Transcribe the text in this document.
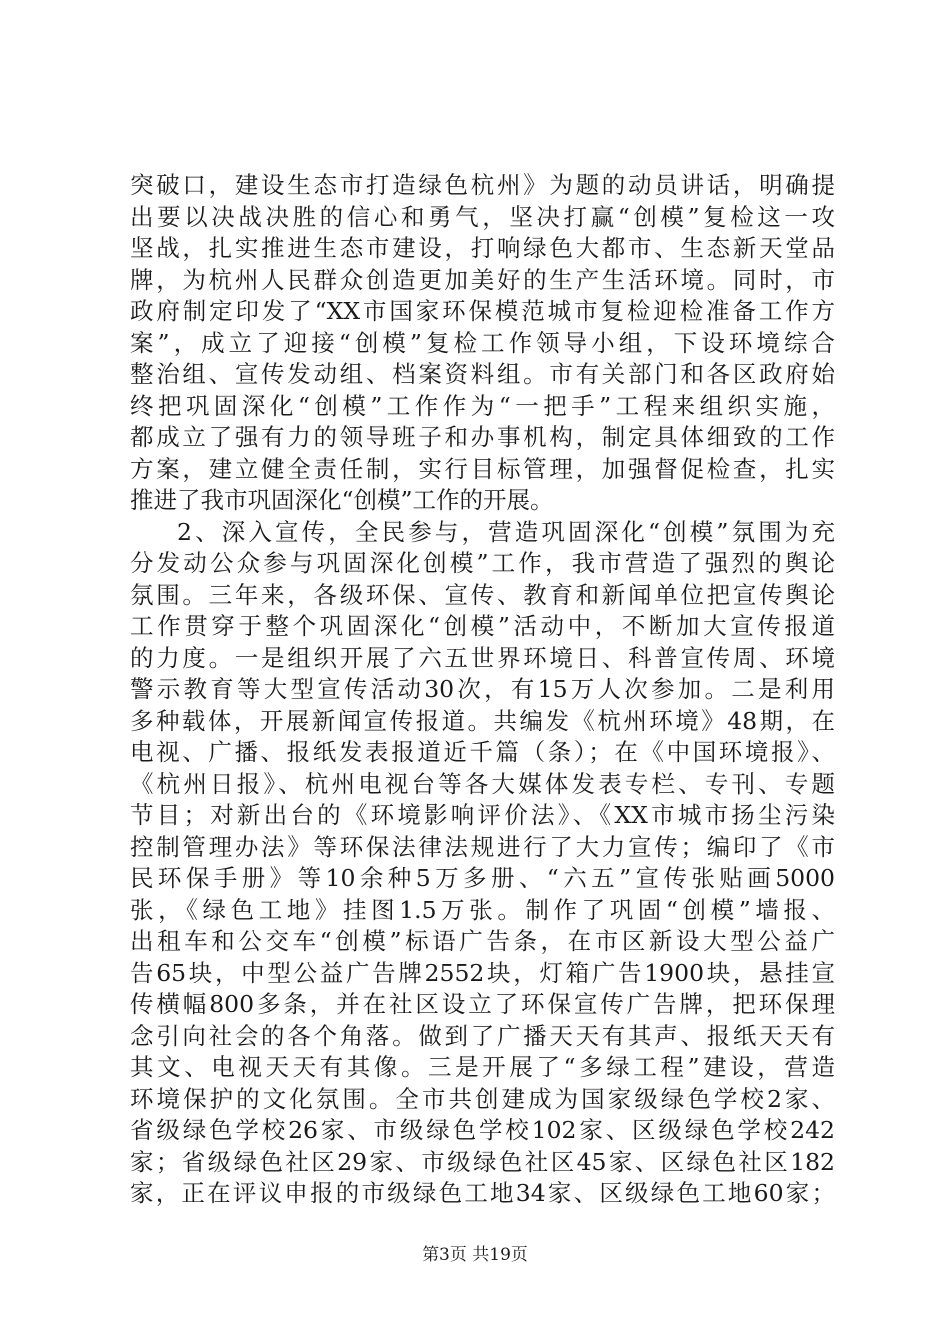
突破口，建设生态市打造绿色杭州》为题的动员讲话，明确提
出要以决战决胜的信心和勇气，坚决打赢“创模”复检这一攻
坚战，扎实推进生态市建设，打响绿色大都市、生态新天堂品
牌，为杭州人民群众创造更加美好的生产生活环境。同时，市
政府制定印发了“XX市国家环保模范城市复检迎检准备工作方
案”，成立了迎接“创模”复检工作领导小组，下设环境综合
整治组、宣传发动组、档案资料组。市有关部门和各区政府始
终把巩固深化“创模”工作作为“一把手”工程来组织实施，
都成立了强有力的领导班子和办事机构，制定具体细致的工作
方案，建立健全责任制，实行目标管理，加强督促检查，扎实
推进了我市巩固深化“创模”工作的开展。
2、深入宣传，全民参与，营造巩固深化“创模”氛围为充
分发动公众参与巩固深化创模”工作，我市营造了强烈的舆论
氛围。三年来，各级环保、宣传、教育和新闻单位把宣传舆论
工作贯穿于整个巩固深化“创模”活动中，不断加大宣传报道
的力度。一是组织开展了六五世界环境日、科普宣传周、环境
警示教育等大型宣传活动30次，有15万人次参加。二是利用
多种载体，开展新闻宣传报道。共编发《杭州环境》48期，在
电视、广播、报纸发表报道近千篇（条）；在《中国环境报》、
《杭州日报》、杭州电视台等各大媒体发表专栏、专刊、专题
节目；对新出台的《环境影响评价法》、《XX市城市扬尘污染
控制管理办法》等环保法律法规进行了大力宣传；编印了《市
民环保手册》等10余种5万多册、“六五”宣传张贴画5000
张，《绿色工地》挂图1.5万张。制作了巩固“创模”墙报、
出租车和公交车“创模”标语广告条，在市区新设大型公益广
告65块，中型公益广告牌2552块，灯箱广告1900块，悬挂宣
传横幅800多条，并在社区设立了环保宣传广告牌，把环保理
念引向社会的各个角落。做到了广播天天有其声、报纸天天有
其文、电视天天有其像。三是开展了“多绿工程”建设，营造
环境保护的文化氛围。全市共创建成为国家级绿色学校2家、
省级绿色学校26家、市级绿色学校102家、区级绿色学校242
家；省级绿色社区29家、市级绿色社区45家、区绿色社区182
家，正在评议申报的市级绿色工地34家、区级绿色工地60家；
第3页 共19页
